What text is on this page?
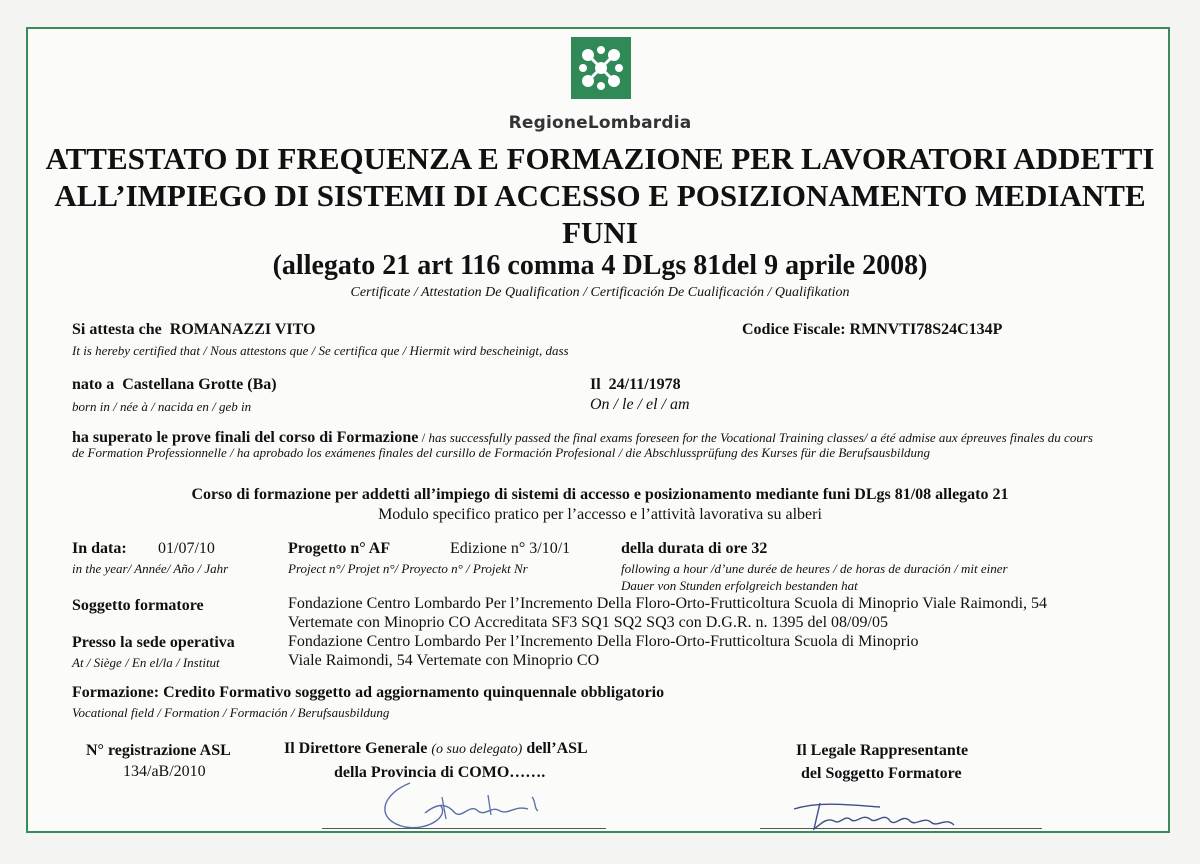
RegioneLombardia
ATTESTATO DI FREQUENZA E FORMAZIONE PER LAVORATORI ADDETTI
ALL’IMPIEGO DI SISTEMI DI ACCESSO E POSIZIONAMENTO MEDIANTE
FUNI
(allegato 21 art 116 comma 4 DLgs 81del 9 aprile 2008)
Certificate / Attestation De Qualification / Certificación De Cualificación / Qualifikation
Si attesta che ROMANAZZI VITO
It is hereby certified that / Nous attestons que / Se certifica que / Hiermit wird bescheinigt, dass
Codice Fiscale: RMNVTI78S24C134P
nato a Castellana Grotte (Ba)
born in / née à / nacida en / geb in
Il 24/11/1978
On / le / el / am
ha superato le prove finali del corso di Formazione / has successfully passed the final exams foreseen for the Vocational Training classes/ a été admise aux épreuves finales du cours de Formation Professionnelle / ha aprobado los exámenes finales del cursillo de Formación Profesional / die Abschlussprüfung des Kurses für die Berufsausbildung
Corso di formazione per addetti all’impiego di sistemi di accesso e posizionamento mediante funi DLgs 81/08 allegato 21
Modulo specifico pratico per l’accesso e l’attività lavorativa su alberi
In data: 01/07/10
in the year/ Année/ Año / Jahr
Progetto n° AF	Edizione n° 3/10/1
Project n°/ Projet n°/ Proyecto n° / Projekt Nr
della durata di ore 32
following a hour /d’une durée de heures / de horas de duración / mit einer
Dauer von Stunden erfolgreich bestanden hat
Soggetto formatore	Fondazione Centro Lombardo Per l’Incremento Della Floro-Orto-Frutticoltura Scuola di Minoprio Viale Raimondi, 54
Vertemate con Minoprio CO Accreditata SF3 SQ1 SQ2 SQ3 con D.G.R. n. 1395 del 08/09/05
Presso la sede operativa
At / Siège / En el/la / Institut
Fondazione Centro Lombardo Per l’Incremento Della Floro-Orto-Frutticoltura Scuola di Minoprio
Viale Raimondi, 54 Vertemate con Minoprio CO
Formazione: Credito Formativo soggetto ad aggiornamento quinquennale obbligatorio
Vocational field / Formation / Formación / Berufsausbildung
N° registrazione ASL
134/aB/2010
Il Direttore Generale (o suo delegato) dell’ASL
della Provincia di COMO…….
Il Legale Rappresentante
del Soggetto Formatore
